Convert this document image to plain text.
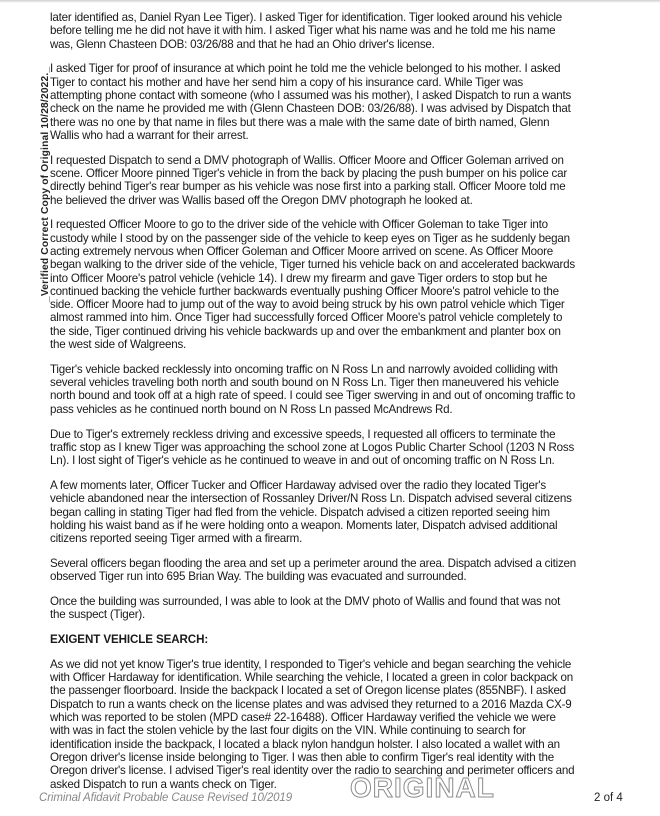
_Verified Correct Copy of Original 10/28/2022._
later identified as, Daniel Ryan Lee Tiger). I asked Tiger for identification. Tiger looked around his vehicle
before telling me he did not have it with him. I asked Tiger what his name was and he told me his name
was, Glenn Chasteen DOB: 03/26/88 and that he had an Ohio driver's license.
I asked Tiger for proof of insurance at which point he told me the vehicle belonged to his mother. I asked
Tiger to contact his mother and have her send him a copy of his insurance card. While Tiger was
attempting phone contact with someone (who I assumed was his mother), I asked Dispatch to run a wants
check on the name he provided me with (Glenn Chasteen DOB: 03/26/88). I was advised by Dispatch that
there was no one by that name in files but there was a male with the same date of birth named, Glenn
Wallis who had a warrant for their arrest.
I requested Dispatch to send a DMV photograph of Wallis. Officer Moore and Officer Goleman arrived on
scene. Officer Moore pinned Tiger's vehicle in from the back by placing the push bumper on his police car
directly behind Tiger's rear bumper as his vehicle was nose first into a parking stall. Officer Moore told me
he believed the driver was Wallis based off the Oregon DMV photograph he looked at.
I requested Officer Moore to go to the driver side of the vehicle with Officer Goleman to take Tiger into
custody while I stood by on the passenger side of the vehicle to keep eyes on Tiger as he suddenly began
acting extremely nervous when Officer Goleman and Officer Moore arrived on scene. As Officer Moore
began walking to the driver side of the vehicle, Tiger turned his vehicle back on and accelerated backwards
into Officer Moore's patrol vehicle (vehicle 14). I drew my firearm and gave Tiger orders to stop but he
continued backing the vehicle further backwards eventually pushing Officer Moore's patrol vehicle to the
side. Officer Moore had to jump out of the way to avoid being struck by his own patrol vehicle which Tiger
almost rammed into him. Once Tiger had successfully forced Officer Moore's patrol vehicle completely to
the side, Tiger continued driving his vehicle backwards up and over the embankment and planter box on
the west side of Walgreens.
Tiger's vehicle backed recklessly into oncoming traffic on N Ross Ln and narrowly avoided colliding with
several vehicles traveling both north and south bound on N Ross Ln. Tiger then maneuvered his vehicle
north bound and took off at a high rate of speed. I could see Tiger swerving in and out of oncoming traffic to
pass vehicles as he continued north bound on N Ross Ln passed McAndrews Rd.
Due to Tiger's extremely reckless driving and excessive speeds, I requested all officers to terminate the
traffic stop as I knew Tiger was approaching the school zone at Logos Public Charter School (1203 N Ross
Ln). I lost sight of Tiger's vehicle as he continued to weave in and out of oncoming traffic on N Ross Ln.
A few moments later, Officer Tucker and Officer Hardaway advised over the radio they located Tiger's
vehicle abandoned near the intersection of Rossanley Driver/N Ross Ln. Dispatch advised several citizens
began calling in stating Tiger had fled from the vehicle. Dispatch advised a citizen reported seeing him
holding his waist band as if he were holding onto a weapon. Moments later, Dispatch advised additional
citizens reported seeing Tiger armed with a firearm.
Several officers began flooding the area and set up a perimeter around the area. Dispatch advised a citizen
observed Tiger run into 695 Brian Way. The building was evacuated and surrounded.
Once the building was surrounded, I was able to look at the DMV photo of Wallis and found that was not
the suspect (Tiger).
EXIGENT VEHICLE SEARCH:
As we did not yet know Tiger's true identity, I responded to Tiger's vehicle and began searching the vehicle
with Officer Hardaway for identification. While searching the vehicle, I located a green in color backpack on
the passenger floorboard. Inside the backpack I located a set of Oregon license plates (855NBF). I asked
Dispatch to run a wants check on the license plates and was advised they returned to a 2016 Mazda CX-9
which was reported to be stolen (MPD case# 22-16488). Officer Hardaway verified the vehicle we were
with was in fact the stolen vehicle by the last four digits on the VIN. While continuing to search for
identification inside the backpack, I located a black nylon handgun holster. I also located a wallet with an
Oregon driver's license inside belonging to Tiger. I was then able to confirm Tiger's real identity with the
Oregon driver's license. I advised Tiger's real identity over the radio to searching and perimeter officers and
asked Dispatch to run a wants check on Tiger.
Criminal Afidavit Probable Cause Revised 10/2019 ORIGINAL	2 of 4
